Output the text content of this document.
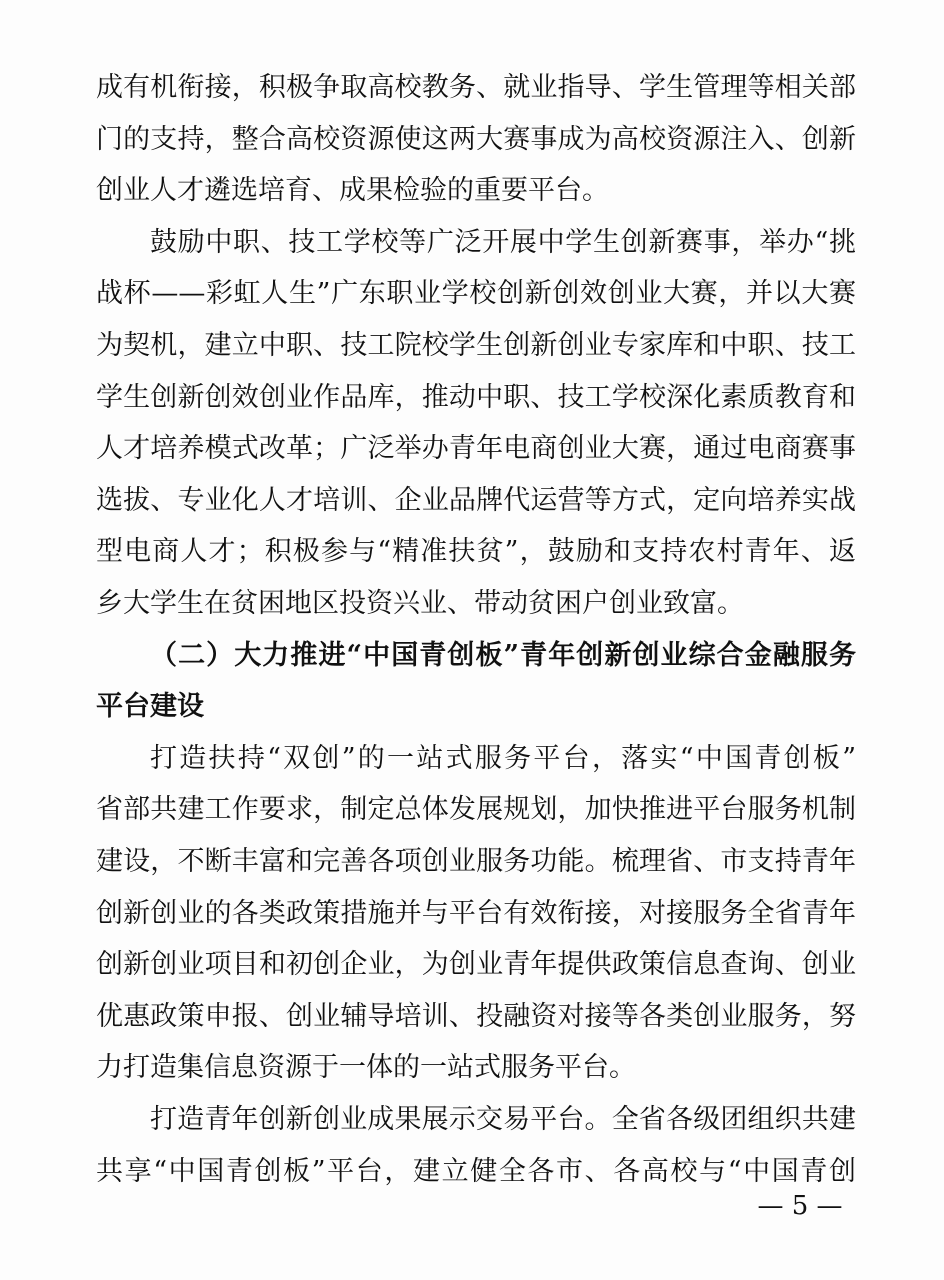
成有机衔接，积极争取高校教务、就业指导、学生管理等相关部
门的支持，整合高校资源使这两大赛事成为高校资源注入、创新
创业人才遴选培育、成果检验的重要平台。
鼓励中职、技工学校等广泛开展中学生创新赛事，举办“挑
战杯——彩虹人生”广东职业学校创新创效创业大赛，并以大赛
为契机，建立中职、技工院校学生创新创业专家库和中职、技工
学生创新创效创业作品库，推动中职、技工学校深化素质教育和
人才培养模式改革；广泛举办青年电商创业大赛，通过电商赛事
选拔、专业化人才培训、企业品牌代运营等方式，定向培养实战
型电商人才；积极参与“精准扶贫”，鼓励和支持农村青年、返
乡大学生在贫困地区投资兴业、带动贫困户创业致富。
（二）大力推进“中国青创板”青年创新创业综合金融服务
平台建设
打造扶持“双创”的一站式服务平台，落实“中国青创板”
省部共建工作要求，制定总体发展规划，加快推进平台服务机制
建设，不断丰富和完善各项创业服务功能。梳理省、市支持青年
创新创业的各类政策措施并与平台有效衔接，对接服务全省青年
创新创业项目和初创企业，为创业青年提供政策信息查询、创业
优惠政策申报、创业辅导培训、投融资对接等各类创业服务，努
力打造集信息资源于一体的一站式服务平台。
打造青年创新创业成果展示交易平台。全省各级团组织共建
共享“中国青创板”平台，建立健全各市、各高校与“中国青创
— 5 —
